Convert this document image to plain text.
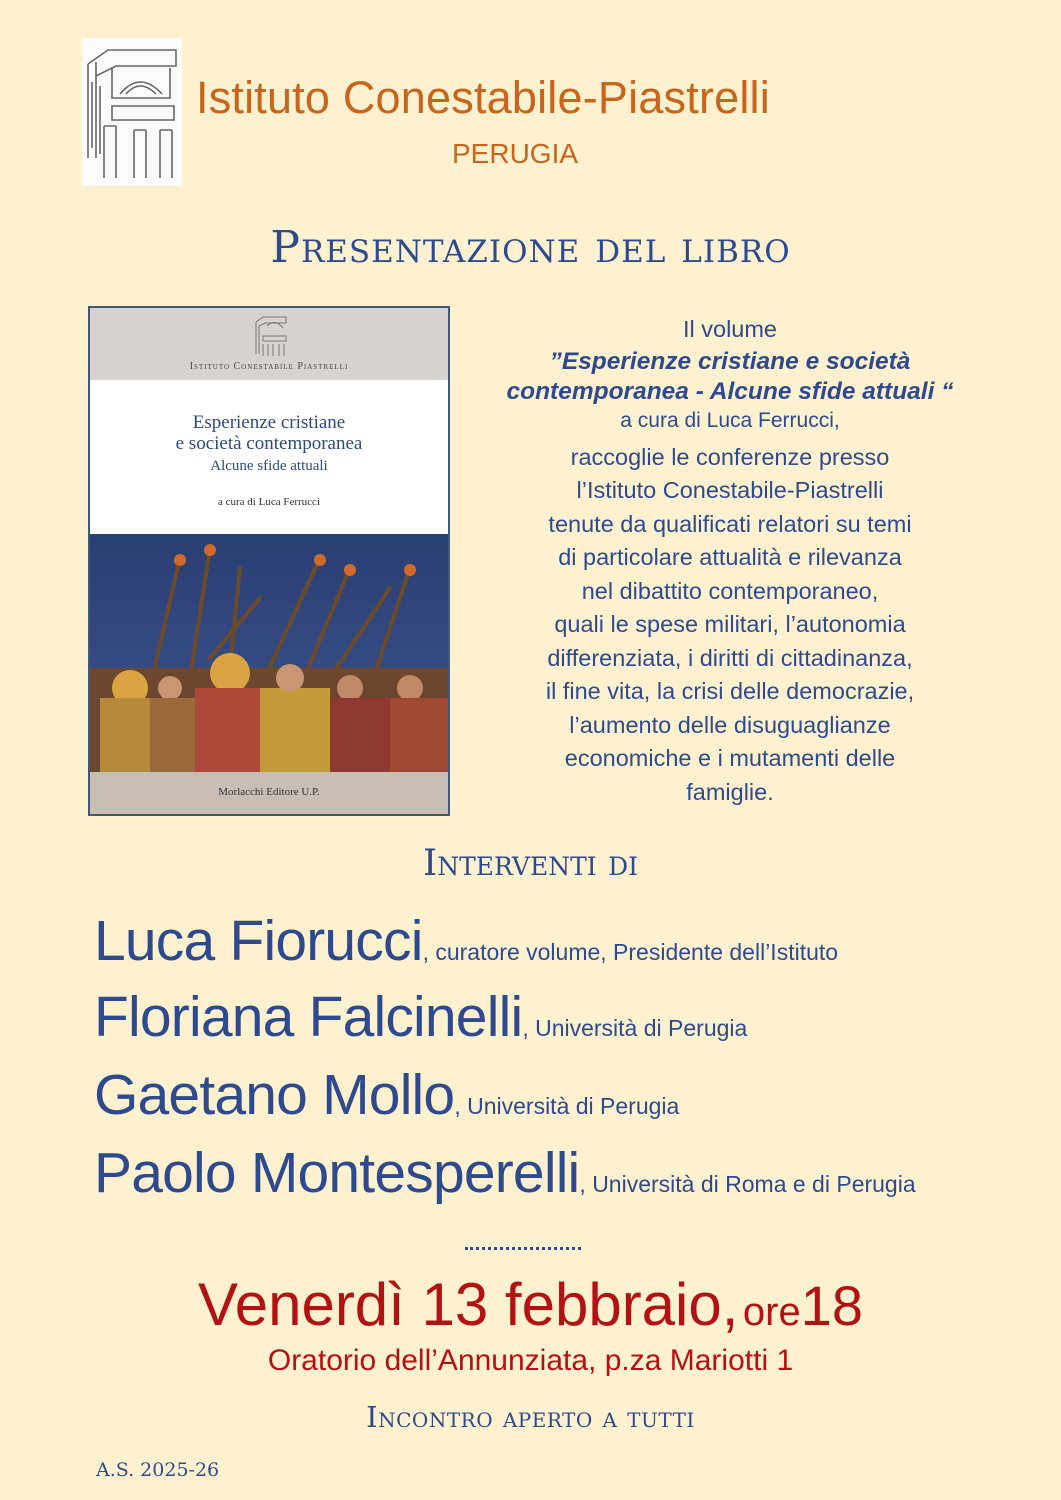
Istituto Conestabile-Piastrelli
PERUGIA
Presentazione del libro
Istituto Conestabile Piastrelli
Esperienze cristiane
e società contemporanea
Alcune sfide attuali
a cura di Luca Ferrucci
Morlacchi Editore U.P.
Il volume
”Esperienze cristiane e società
contemporanea - Alcune sfide attuali “
a cura di Luca Ferrucci,
raccoglie le conferenze presso
l’Istituto Conestabile-Piastrelli
tenute da qualificati relatori su temi
di particolare attualità e rilevanza
nel dibattito contemporaneo,
quali le spese militari, l’autonomia
differenziata, i diritti di cittadinanza,
il fine vita, la crisi delle democrazie,
l’aumento delle disuguaglianze
economiche e i mutamenti delle
famiglie.
Interventi di
Luca Fiorucci, curatore volume, Presidente dell’Istituto
Floriana Falcinelli, Università di Perugia
Gaetano Mollo, Università di Perugia
Paolo Montesperelli, Università di Roma e di Perugia
Venerdì 13 febbraio, ore18
Oratorio dell’Annunziata, p.za Mariotti 1
Incontro aperto a tutti
A.S. 2025-26
